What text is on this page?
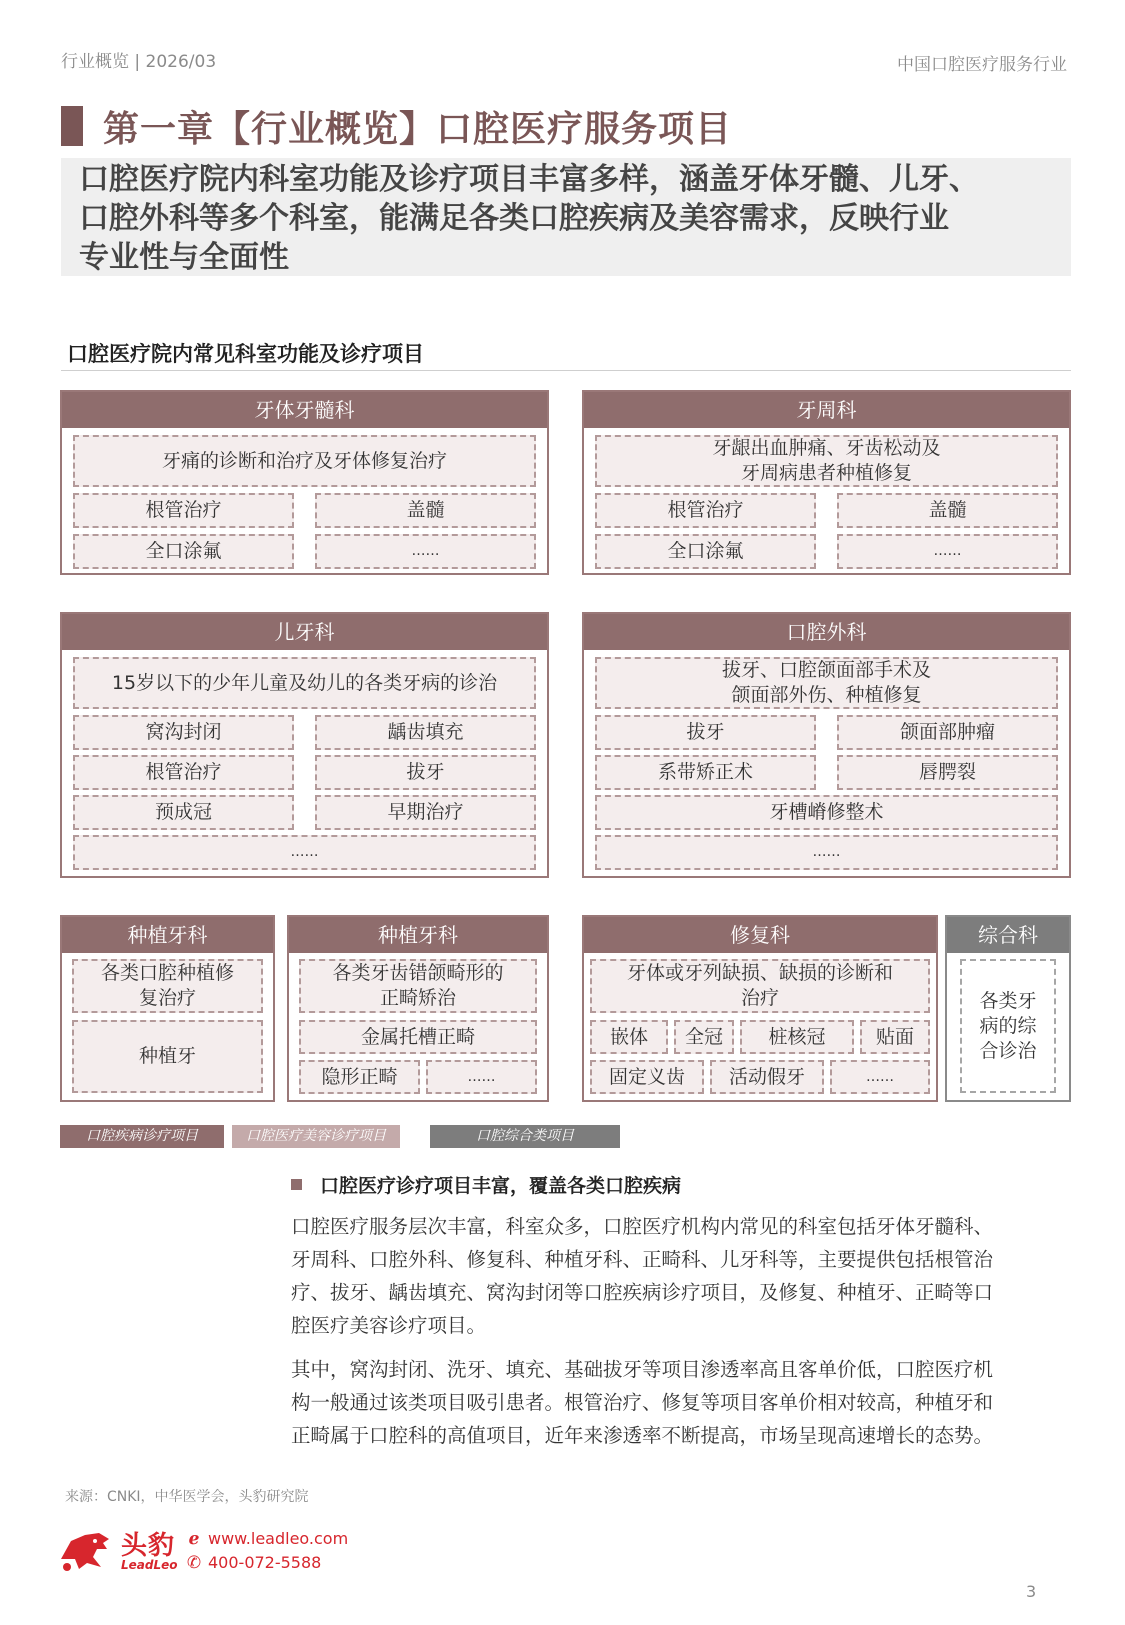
行业概览 | 2026/03	中国口腔医疗服务行业
第一章【行业概览】口腔医疗服务项目
口腔医疗院内科室功能及诊疗项目丰富多样，涵盖牙体牙髓、儿牙、
口腔外科等多个科室，能满足各类口腔疾病及美容需求，反映行业
专业性与全面性
口腔医疗院内常见科室功能及诊疗项目
牙体牙髓科
牙痛的诊断和治疗及牙体修复治疗
根管治疗	盖髓
全口涂氟	……
牙周科
牙龈出血肿痛、牙齿松动及
牙周病患者种植修复
根管治疗	盖髓
全口涂氟	……
儿牙科
15岁以下的少年儿童及幼儿的各类牙病的诊治
窝沟封闭	龋齿填充
根管治疗	拔牙
预成冠	早期治疗
……
口腔外科
拔牙、口腔颌面部手术及
颌面部外伤、种植修复
拔牙	颌面部肿瘤
系带矫正术	唇腭裂
牙槽嵴修整术
……
种植牙科
各类口腔种植修
复治疗
种植牙
种植牙科
各类牙齿错颌畸形的
正畸矫治
金属托槽正畸
隐形正畸	……
修复科
牙体或牙列缺损、缺损的诊断和
治疗
嵌体	全冠	桩核冠	贴面
固定义齿	活动假牙	……
综合科
各类牙
病的综
合诊治
口腔疾病诊疗项目	口腔医疗美容诊疗项目	口腔综合类项目
口腔医疗诊疗项目丰富，覆盖各类口腔疾病
口腔医疗服务层次丰富，科室众多，口腔医疗机构内常见的科室包括牙体牙髓科、
牙周科、口腔外科、修复科、种植牙科、正畸科、儿牙科等，主要提供包括根管治
疗、拔牙、龋齿填充、窝沟封闭等口腔疾病诊疗项目，及修复、种植牙、正畸等口
腔医疗美容诊疗项目。
其中，窝沟封闭、洗牙、填充、基础拔牙等项目渗透率高且客单价低，口腔医疗机
构一般通过该类项目吸引患者。根管治疗、修复等项目客单价相对较高，种植牙和
正畸属于口腔科的高值项目，近年来渗透率不断提高，市场呈现高速增长的态势。
来源：CNKI，中华医学会，头豹研究院
头豹
LeadLeo
ℯ www.leadleo.com
✆ 400-072-5588
3
